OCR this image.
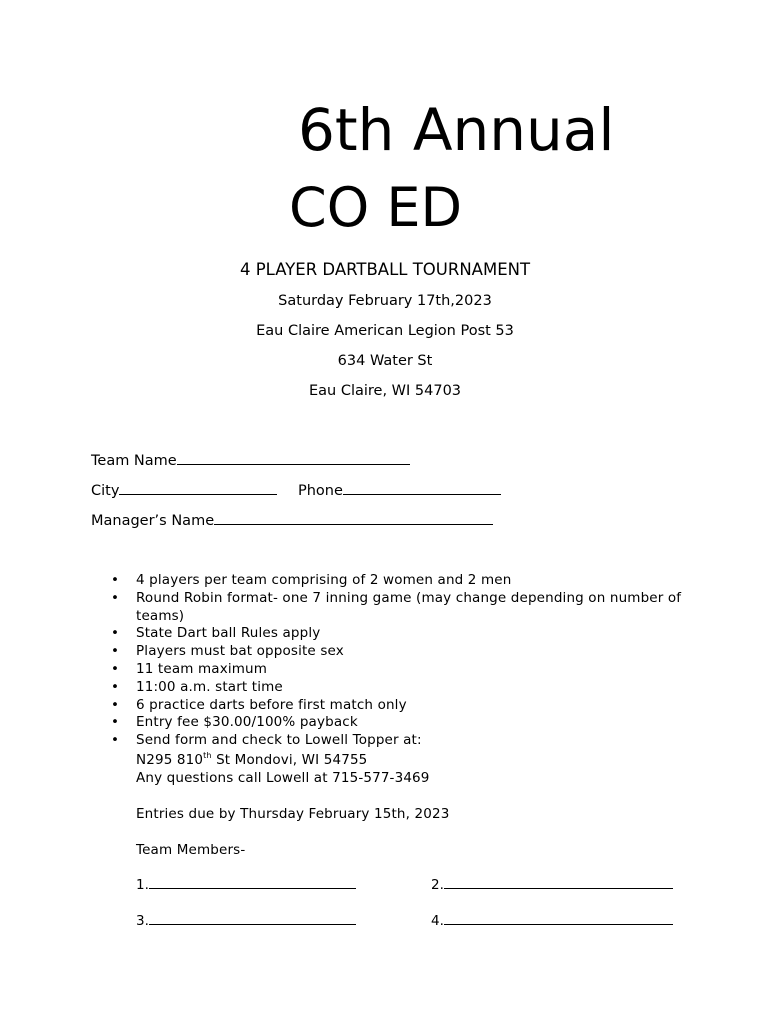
6th Annual
CO ED
4 PLAYER DARTBALL TOURNAMENT
Saturday February 17th,2023
Eau Claire American Legion Post 53
634 Water St
Eau Claire, WI 54703
Team Name
City	Phone
Manager’s Name
• 4 players per team comprising of 2 women and 2 men
• Round Robin format- one 7 inning game (may change depending on number of teams)
• State Dart ball Rules apply
• Players must bat opposite sex
• 11 team maximum
• 11:00 a.m. start time
• 6 practice darts before first match only
• Entry fee $30.00/100% payback
• Send form and check to Lowell Topper at:
N295 810th St Mondovi, WI 54755
Any questions call Lowell at 715-577-3469
Entries due by Thursday February 15th, 2023
Team Members-
1.	2.
3.	4.
